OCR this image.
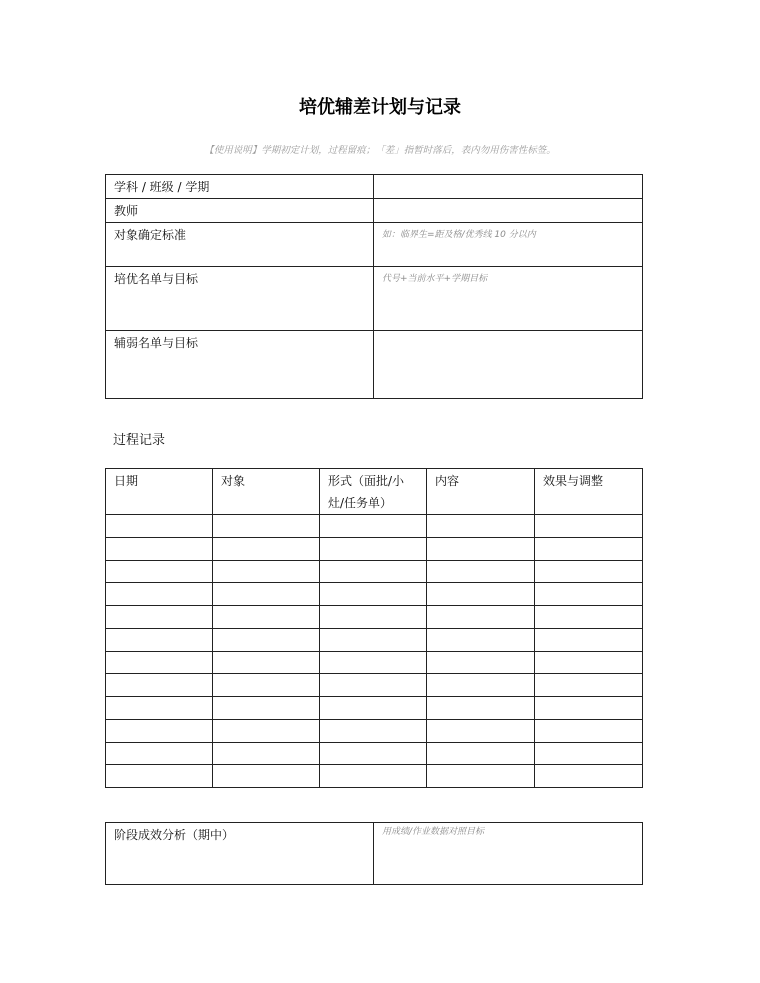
培优辅差计划与记录
【使用说明】学期初定计划，过程留痕；「差」指暂时落后，表内勿用伤害性标签。
学科 / 班级 / 学期	
教师	
对象确定标准	如：临界生=距及格/优秀线 10 分以内
培优名单与目标	代号+当前水平+学期目标
辅弱名单与目标	
过程记录
日期	对象	形式（面批/小
灶/任务单）	内容	效果与调整

阶段成效分析（期中）	用成绩/作业数据对照目标
